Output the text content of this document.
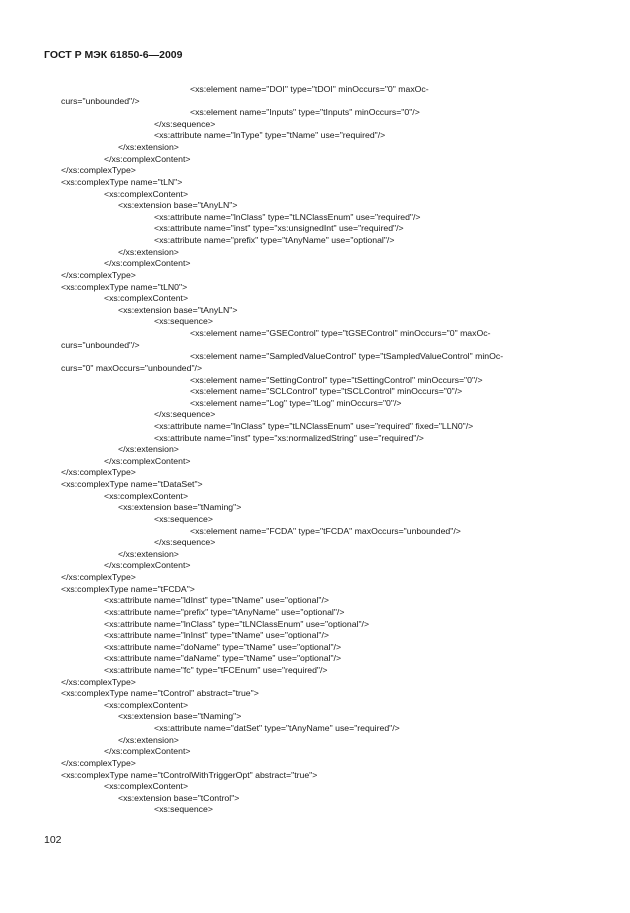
ГОСТ Р МЭК 61850-6—2009
<xs:element name="DOI" type="tDOI" minOccurs="0" maxOc-
curs="unbounded"/>
<xs:element name="Inputs" type="tInputs" minOccurs="0"/>
</xs:sequence>
<xs:attribute name="lnType" type="tName" use="required"/>
</xs:extension>
</xs:complexContent>
</xs:complexType>
<xs:complexType name="tLN">
<xs:complexContent>
<xs:extension base="tAnyLN">
<xs:attribute name="lnClass" type="tLNClassEnum" use="required"/>
<xs:attribute name="inst" type="xs:unsignedInt" use="required"/>
<xs:attribute name="prefix" type="tAnyName" use="optional"/>
</xs:extension>
</xs:complexContent>
</xs:complexType>
<xs:complexType name="tLN0">
<xs:complexContent>
<xs:extension base="tAnyLN">
<xs:sequence>
<xs:element name="GSEControl" type="tGSEControl" minOccurs="0" maxOc-
curs="unbounded"/>
<xs:element name="SampledValueControl" type="tSampledValueControl" minOc-
curs="0" maxOccurs="unbounded"/>
<xs:element name="SettingControl" type="tSettingControl" minOccurs="0"/>
<xs:element name="SCLControl" type="tSCLControl" minOccurs="0"/>
<xs:element name="Log" type="tLog" minOccurs="0"/>
</xs:sequence>
<xs:attribute name="lnClass" type="tLNClassEnum" use="required" fixed="LLN0"/>
<xs:attribute name="inst" type="xs:normalizedString" use="required"/>
</xs:extension>
</xs:complexContent>
</xs:complexType>
<xs:complexType name="tDataSet">
<xs:complexContent>
<xs:extension base="tNaming">
<xs:sequence>
<xs:element name="FCDA" type="tFCDA" maxOccurs="unbounded"/>
</xs:sequence>
</xs:extension>
</xs:complexContent>
</xs:complexType>
<xs:complexType name="tFCDA">
<xs:attribute name="ldInst" type="tName" use="optional"/>
<xs:attribute name="prefix" type="tAnyName" use="optional"/>
<xs:attribute name="lnClass" type="tLNClassEnum" use="optional"/>
<xs:attribute name="lnInst" type="tName" use="optional"/>
<xs:attribute name="doName" type="tName" use="optional"/>
<xs:attribute name="daName" type="tName" use="optional"/>
<xs:attribute name="fc" type="tFCEnum" use="required"/>
</xs:complexType>
<xs:complexType name="tControl" abstract="true">
<xs:complexContent>
<xs:extension base="tNaming">
<xs:attribute name="datSet" type="tAnyName" use="required"/>
</xs:extension>
</xs:complexContent>
</xs:complexType>
<xs:complexType name="tControlWithTriggerOpt" abstract="true">
<xs:complexContent>
<xs:extension base="tControl">
<xs:sequence>
102
